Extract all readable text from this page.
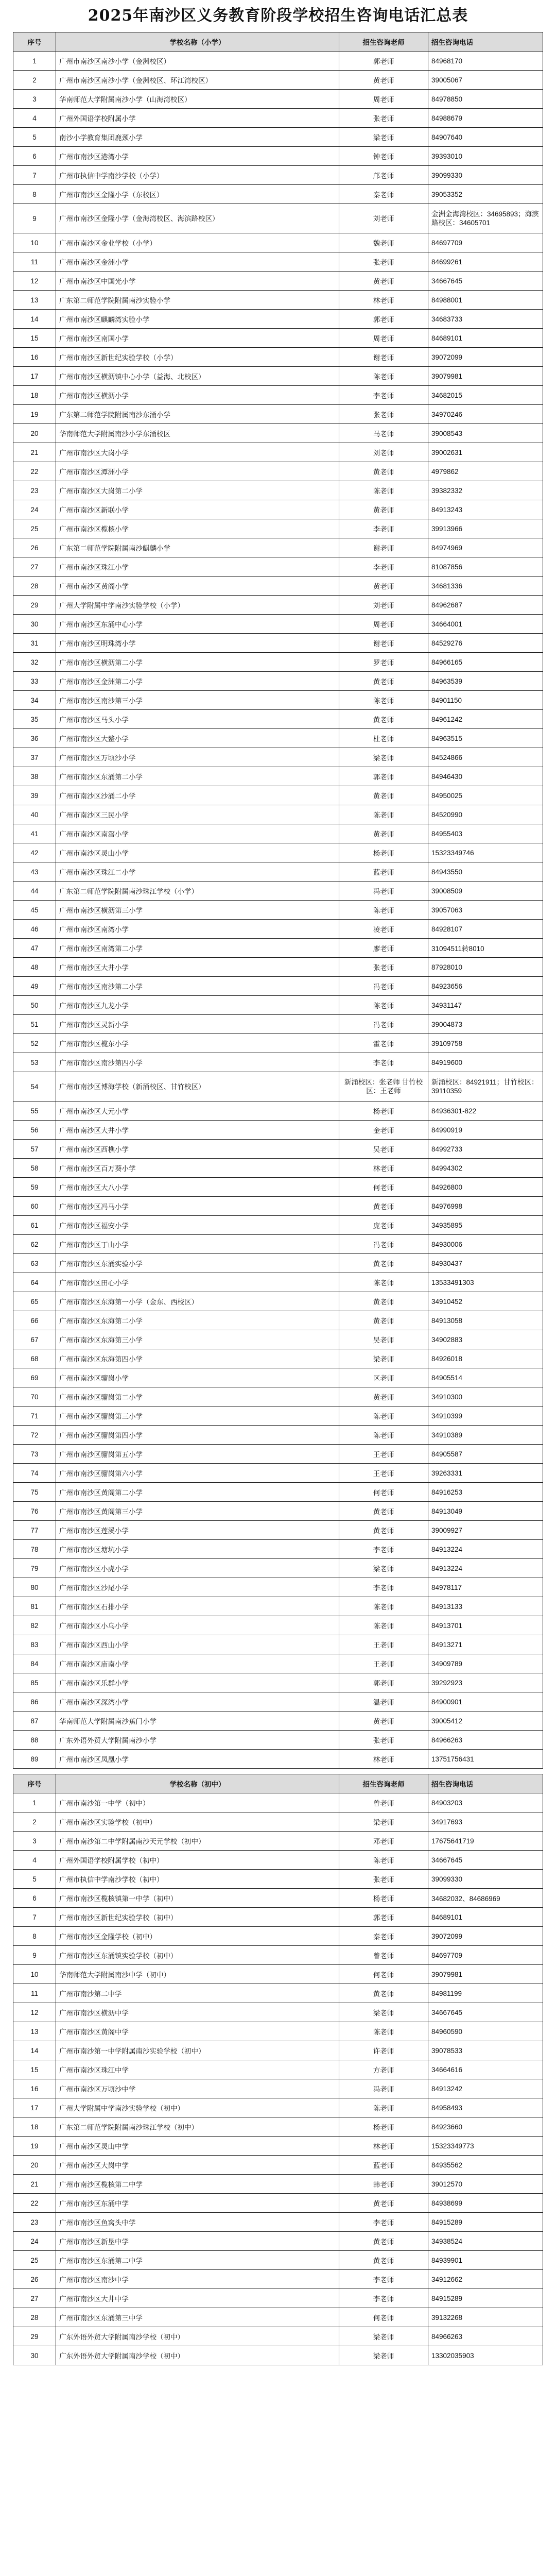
2025年南沙区义务教育阶段学校招生咨询电话汇总表
序号	学校名称（小学）	招生咨询老师	招生咨询电话
1	广州市南沙区南沙小学（金洲校区）	郭老师	84968170
2	广州市南沙区南沙小学（金洲校区、环江湾校区）	黄老师	39005067
3	华南师范大学附属南沙小学（山海湾校区）	周老师	84978850
4	广州外国语学校附属小学	张老师	84988679
5	南沙小学教育集团鹿颈小学	梁老师	84907640
6	广州市南沙区港湾小学	钟老师	39393010
7	广州市执信中学南沙学校（小学）	邝老师	39099330
8	广州市南沙区金隆小学（东校区）	秦老师	39053352
9	广州市南沙区金隆小学（金海湾校区、海滨路校区）	刘老师	金洲金海湾校区：34695893；海滨路校区：34605701
10	广州市南沙区金业学校（小学）	魏老师	84697709
11	广州市南沙区金洲小学	张老师	84699261
12	广州市南沙区中国光小学	黄老师	34667645
13	广东第二师范学院附属南沙实验小学	林老师	84988001
14	广州市南沙区麒麟湾实验小学	郭老师	34683733
15	广州市南沙区南国小学	周老师	84689101
16	广州市南沙区新世纪实验学校（小学）	谢老师	39072099
17	广州市南沙区横沥镇中心小学（益海、北校区）	陈老师	39079981
18	广州市南沙区横沥小学	李老师	34682015
19	广东第二师范学院附属南沙东涌小学	张老师	34970246
20	华南师范大学附属南沙小学东涌校区	马老师	39008543
21	广州市南沙区大岗小学	刘老师	39002631
22	广州市南沙区潭洲小学	黄老师	4979862
23	广州市南沙区大岗第二小学	陈老师	39382332
24	广州市南沙区新联小学	黄老师	84913243
25	广州市南沙区榄核小学	李老师	39913966
26	广东第二师范学院附属南沙麒麟小学	谢老师	84974969
27	广州市南沙区珠江小学	李老师	81087856
28	广州市南沙区黄阁小学	黄老师	34681336
29	广州大学附属中学南沙实验学校（小学）	刘老师	84962687
30	广州市南沙区东涌中心小学	周老师	34664001
31	广州市南沙区明珠湾小学	谢老师	84529276
32	广州市南沙区横沥第二小学	罗老师	84966165
33	广州市南沙区金洲第二小学	黄老师	84963539
34	广州市南沙区南沙第三小学	陈老师	84901150
35	广州市南沙区马头小学	黄老师	84961242
36	广州市南沙区大鳌小学	杜老师	84963515
37	广州市南沙区万顷沙小学	梁老师	84524866
38	广州市南沙区东涌第二小学	郭老师	84946430
39	广州市南沙区沙涌二小学	黄老师	84950025
40	广州市南沙区三民小学	陈老师	84520990
41	广州市南沙区南滘小学	黄老师	84955403
42	广州市南沙区灵山小学	杨老师	15323349746
43	广州市南沙区珠江二小学	蓝老师	84943550
44	广东第二师范学院附属南沙珠江学校（小学）	冯老师	39008509
45	广州市南沙区横沥第三小学	陈老师	39057063
46	广州市南沙区南湾小学	凌老师	84928107
47	广州市南沙区南湾第二小学	廖老师	31094511转8010
48	广州市南沙区大井小学	张老师	87928010
49	广州市南沙区南沙第二小学	冯老师	84923656
50	广州市南沙区九龙小学	陈老师	34931147
51	广州市南沙区灵新小学	冯老师	39004873
52	广州市南沙区榄东小学	霍老师	39109758
53	广州市南沙区南沙第四小学	李老师	84919600
54	广州市南沙区博海学校（新涌校区、甘竹校区）	新涌校区：张老师 甘竹校区：王老师	新涌校区：84921911；甘竹校区：39110359
55	广州市南沙区大元小学	杨老师	84936301-822
56	广州市南沙区大井小学	金老师	84990919
57	广州市南沙区西樵小学	吴老师	84992733
58	广州市南沙区百万葵小学	林老师	84994302
59	广州市南沙区大八小学	何老师	84926800
60	广州市南沙区冯马小学	黄老师	84976998
61	广州市南沙区福安小学	庞老师	34935895
62	广州市南沙区丁山小学	冯老师	84930006
63	广州市南沙区东涌实验小学	黄老师	84930437
64	广州市南沙区田心小学	陈老师	13533491303
65	广州市南沙区东海第一小学（金东、西校区）	黄老师	34910452
66	广州市南沙区东海第二小学	黄老师	84913058
67	广州市南沙区东海第三小学	吴老师	34902883
68	广州市南沙区东海第四小学	梁老师	84926018
69	广州市南沙区骝岗小学	区老师	84905514
70	广州市南沙区骝岗第二小学	黄老师	34910300
71	广州市南沙区骝岗第三小学	陈老师	34910399
72	广州市南沙区骝岗第四小学	陈老师	34910389
73	广州市南沙区骝岗第五小学	王老师	84905587
74	广州市南沙区骝岗第六小学	王老师	39263331
75	广州市南沙区黄阁第二小学	何老师	84916253
76	广州市南沙区黄阁第三小学	黄老师	84913049
77	广州市南沙区莲溪小学	黄老师	39009927
78	广州市南沙区塘坑小学	李老师	84913224
79	广州市南沙区小虎小学	梁老师	84913224
80	广州市南沙区沙尾小学	李老师	84978117
81	广州市南沙区石排小学	陈老师	84913133
82	广州市南沙区小乌小学	陈老师	84913701
83	广州市南沙区西山小学	王老师	84913271
84	广州市南沙区庙南小学	王老师	34909789
85	广州市南沙区乐群小学	郭老师	39292923
86	广州市南沙区深湾小学	温老师	84900901
87	华南师范大学附属南沙蕉门小学	黄老师	39005412
88	广东外语外贸大学附属南沙小学	张老师	84966263
89	广州市南沙区凤凰小学	林老师	13751756431

序号	学校名称（初中）	招生咨询老师	招生咨询电话
1	广州市南沙第一中学（初中）	曾老师	84903203
2	广州市南沙区实验学校（初中）	梁老师	34917693
3	广州市南沙第二中学附属南沙天元学校（初中）	邓老师	17675641719
4	广州外国语学校附属学校（初中）	陈老师	34667645
5	广州市执信中学南沙学校（初中）	张老师	39099330
6	广州市南沙区榄核镇第一中学（初中）	杨老师	34682032、84686969
7	广州市南沙区新世纪实验学校（初中）	郭老师	84689101
8	广州市南沙区金隆学校（初中）	秦老师	39072099
9	广州市南沙区东涌镇实验学校（初中）	曾老师	84697709
10	华南师范大学附属南沙中学（初中）	何老师	39079981
11	广州市南沙第二中学	黄老师	84981199
12	广州市南沙区横沥中学	梁老师	34667645
13	广州市南沙区黄阁中学	陈老师	84960590
14	广州市南沙第一中学附属南沙实验学校（初中）	许老师	39078533
15	广州市南沙区珠江中学	方老师	34664616
16	广州市南沙区万顷沙中学	冯老师	84913242
17	广州大学附属中学南沙实验学校（初中）	陈老师	84958493
18	广东第二师范学院附属南沙珠江学校（初中）	杨老师	84923660
19	广州市南沙区灵山中学	林老师	15323349773
20	广州市南沙区大岗中学	蓝老师	84935562
21	广州市南沙区榄核第二中学	韩老师	39012570
22	广州市南沙区东涌中学	黄老师	84938699
23	广州市南沙区鱼窝头中学	李老师	84915289
24	广州市南沙区新垦中学	黄老师	34938524
25	广州市南沙区东涌第二中学	黄老师	84939901
26	广州市南沙区南沙中学	李老师	34912662
27	广州市南沙区大井中学	李老师	84915289
28	广州市南沙区东涌第三中学	何老师	39132268
29	广东外语外贸大学附属南沙学校（初中）	梁老师	84966263
30	广东外语外贸大学附属南沙学校（初中）	梁老师	13302035903
